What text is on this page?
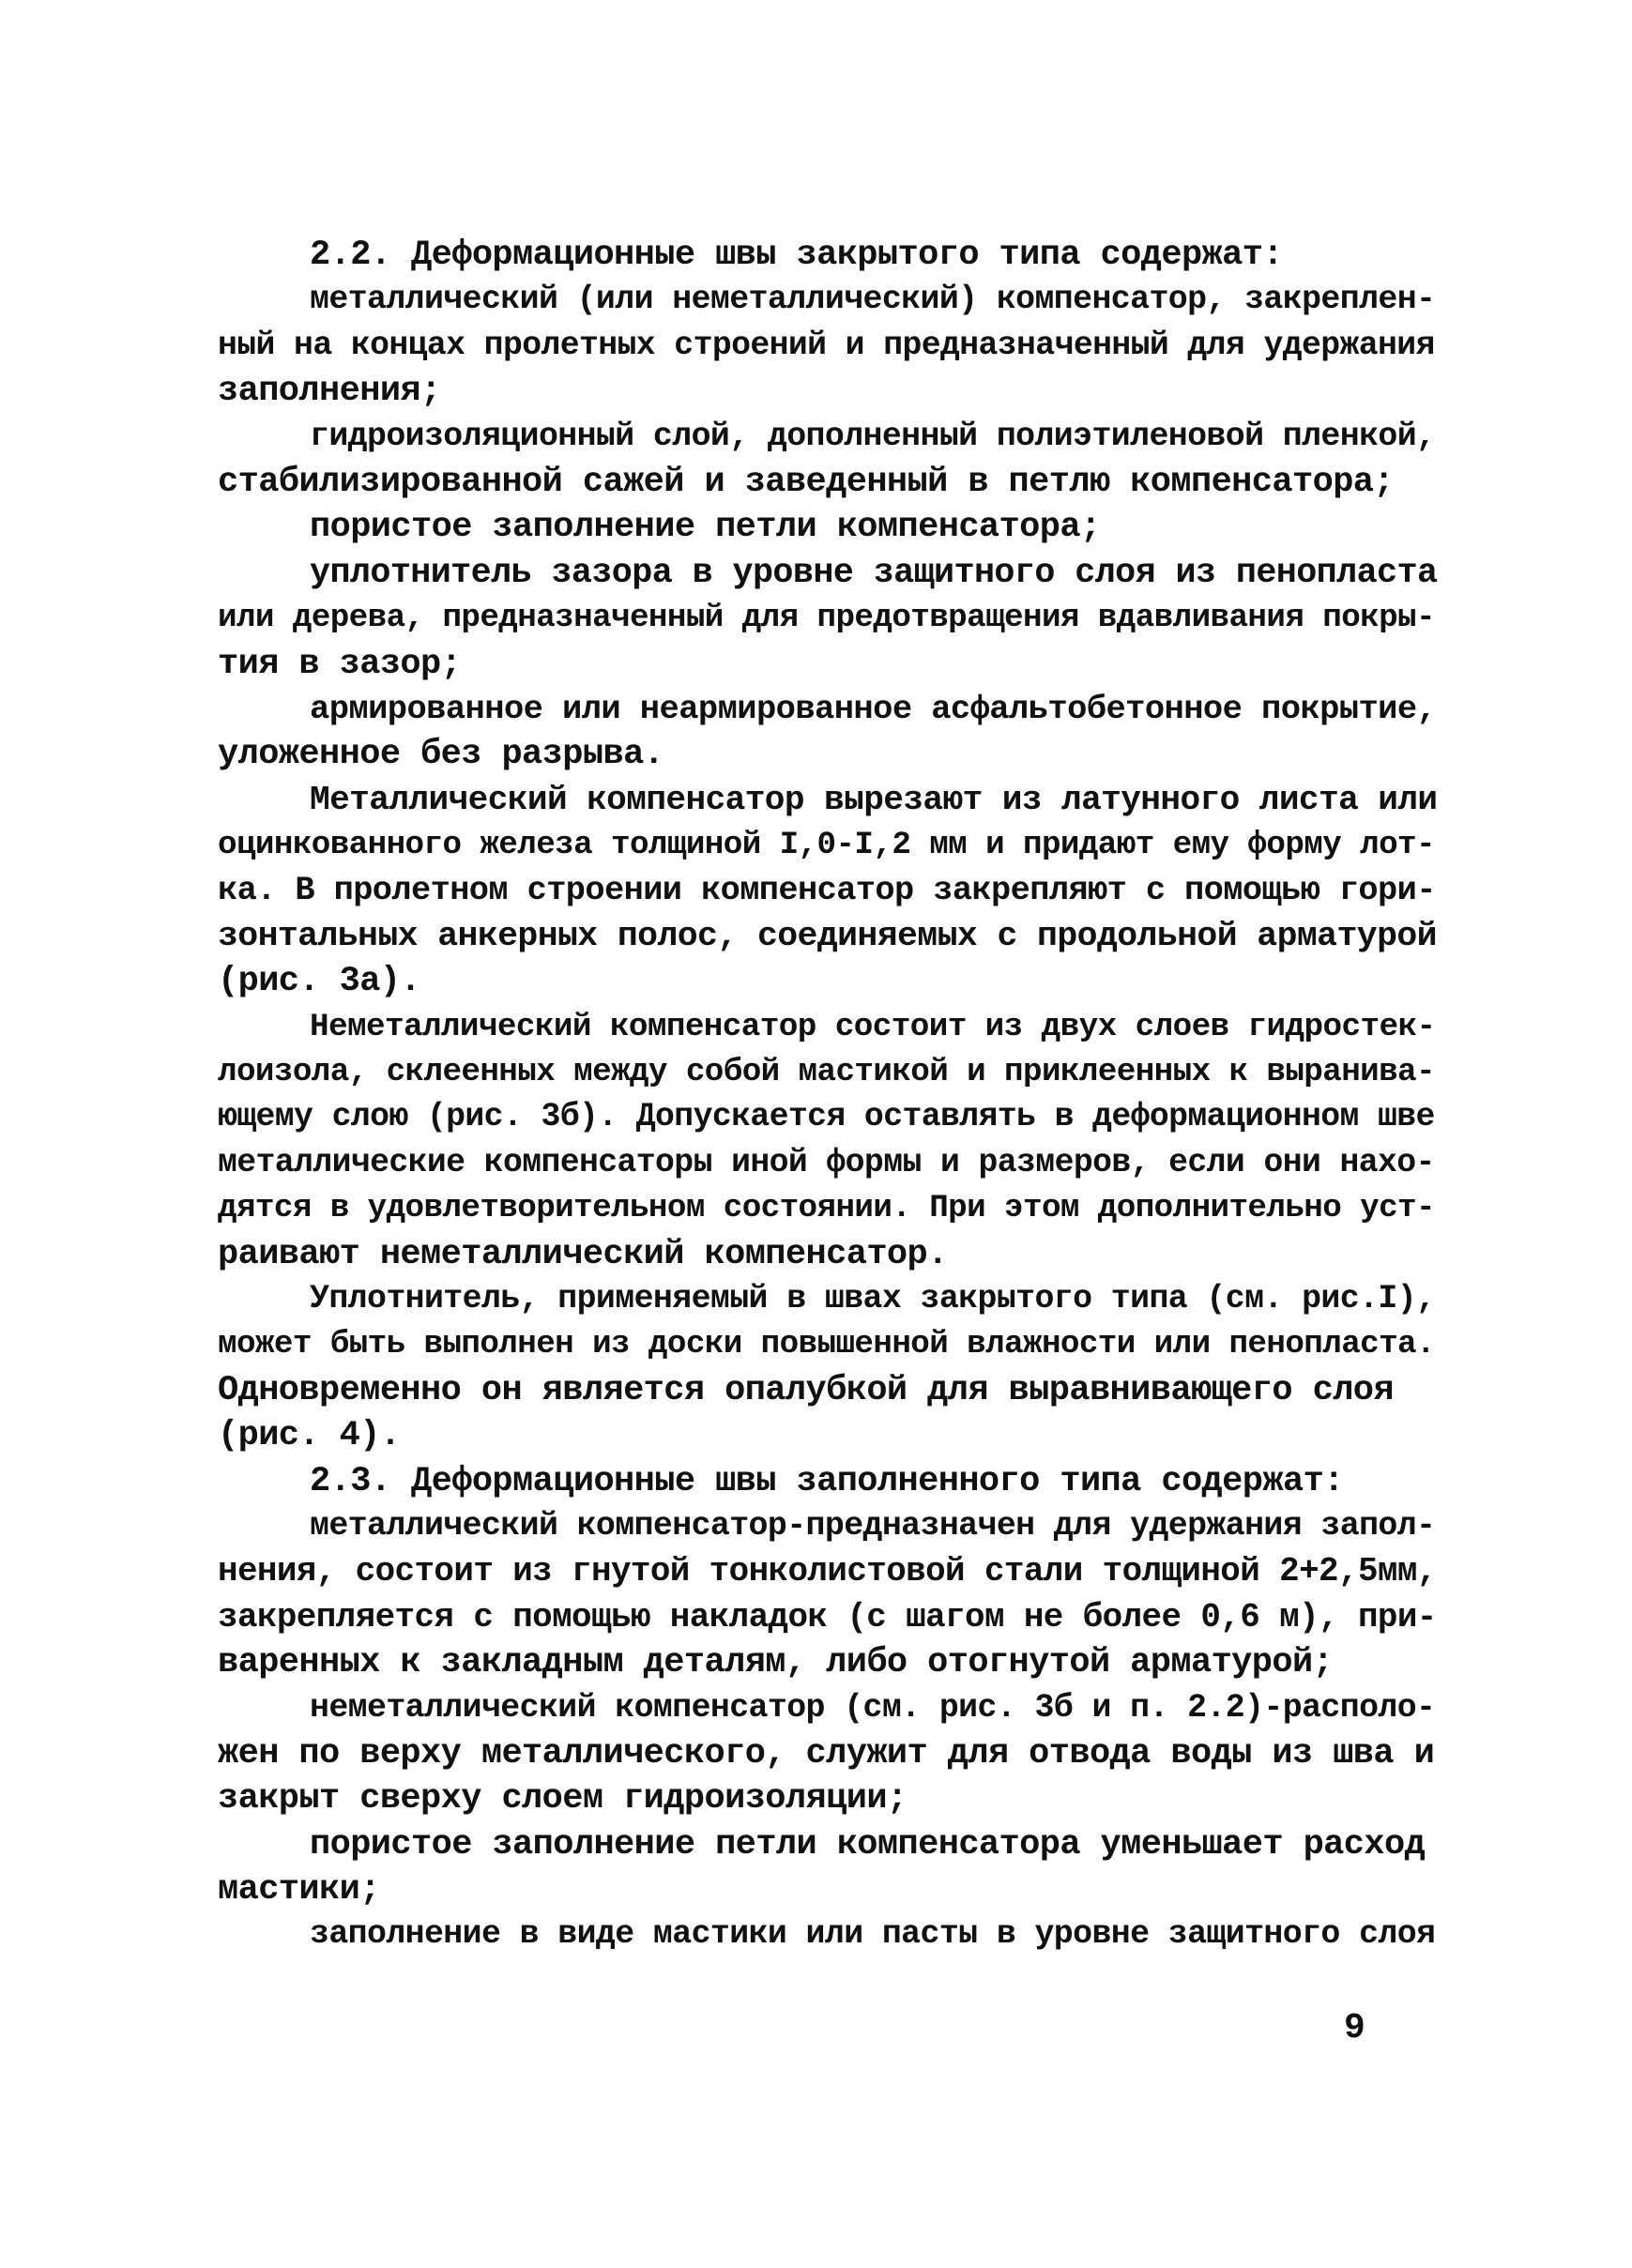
2.2. Деформационные швы закрытого типа содержат:
металлический (или неметаллический) компенсатор, закреплен-
ный на концах пролетных строений и предназначенный для удержания
заполнения;
гидроизоляционный слой, дополненный полиэтиленовой пленкой,
стабилизированной сажей и заведенный в петлю компенсатора;
пористое заполнение петли компенсатора;
уплотнитель зазора в уровне защитного слоя из пенопласта
или дерева, предназначенный для предотвращения вдавливания покры-
тия в зазор;
армированное или неармированное асфальтобетонное покрытие,
уложенное без разрыва.
Металлический компенсатор вырезают из латунного листа или
оцинкованного железа толщиной I,0-I,2 мм и придают ему форму лот-
ка. В пролетном строении компенсатор закрепляют с помощью гори-
зонтальных анкерных полос, соединяемых с продольной арматурой
(рис. 3а).
Неметаллический компенсатор состоит из двух слоев гидростек-
лоизола, склеенных между собой мастикой и приклеенных к выранива-
ющему слою (рис. 3б). Допускается оставлять в деформационном шве
металлические компенсаторы иной формы и размеров, если они нахо-
дятся в удовлетворительном состоянии. При этом дополнительно уст-
раивают неметаллический компенсатор.
Уплотнитель, применяемый в швах закрытого типа (см. рис.I),
может быть выполнен из доски повышенной влажности или пенопласта.
Одновременно он является опалубкой для выравнивающего слоя
(рис. 4).
2.3. Деформационные швы заполненного типа содержат:
металлический компенсатор-предназначен для удержания запол-
нения, состоит из гнутой тонколистовой стали толщиной 2+2,5мм,
закрепляется с помощью накладок (с шагом не более 0,6 м), при-
варенных к закладным деталям, либо отогнутой арматурой;
неметаллический компенсатор (см. рис. 3б и п. 2.2)-располо-
жен по верху металлического, служит для отвода воды из шва и
закрыт сверху слоем гидроизоляции;
пористое заполнение петли компенсатора уменьшает расход
мастики;
заполнение в виде мастики или пасты в уровне защитного слоя
9
